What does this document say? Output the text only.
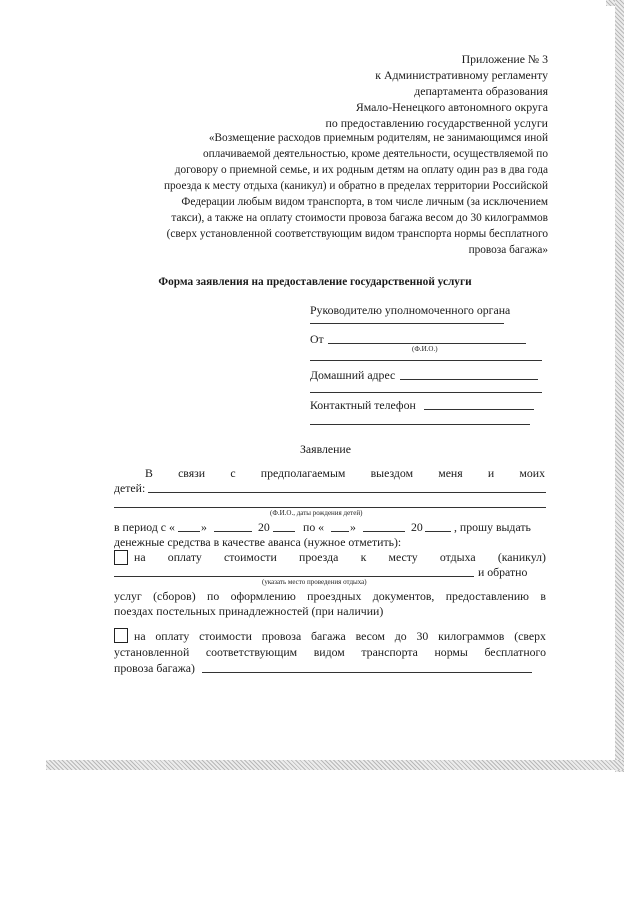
Приложение № 3
к Административному регламенту
департамента образования
Ямало-Ненецкого автономного округа
по предоставлению государственной услуги
«Возмещение расходов приемным родителям, не занимающимся иной
оплачиваемой деятельностью, кроме деятельности, осуществляемой по
договору о приемной семье, и их родным детям на оплату один раз в два года
проезда к месту отдыха (каникул) и обратно в пределах территории Российской
Федерации любым видом транспорта, в том числе личным (за исключением
такси), а также на оплату стоимости провоза багажа весом до 30 килограммов
(сверх установленной соответствующим видом транспорта нормы бесплатного
провоза багажа»
Форма заявления на предоставление государственной услуги
Руководителю уполномоченного органа
От
(Ф.И.О.)
Домашний адрес
Контактный телефон
Заявление
В связи с предполагаемым выездом меня и моих
детей:
(Ф.И.О., даты рождения детей)
в период с « »	20	по « »	20	, прошу выдать
денежные средства в качестве аванса (нужное отметить):
на оплату стоимости проезда к месту отдыха (каникул)
и обратно
(указать место проведения отдыха)
услуг (сборов) по оформлению проездных документов, предоставлению в
поездах постельных принадлежностей (при наличии)
на оплату стоимости провоза багажа весом до 30 килограммов (сверх
установленной соответствующим видом транспорта нормы бесплатного
провоза багажа)
